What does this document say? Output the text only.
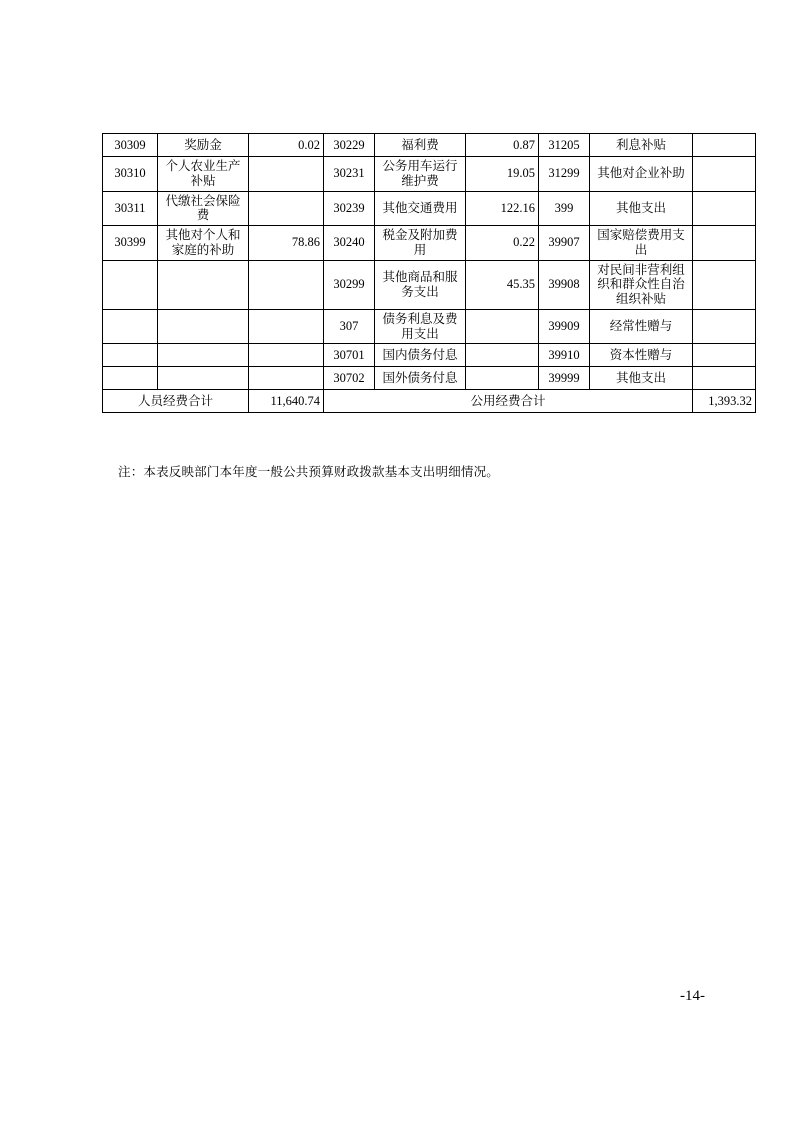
30309	奖励金	0.02	30229	福利费	0.87	31205	利息补贴	
30310	个人农业生产补贴		30231	公务用车运行维护费	19.05	31299	其他对企业补助	
30311	代缴社会保险费		30239	其他交通费用	122.16	399	其他支出	
30399	其他对个人和家庭的补助	78.86	30240	税金及附加费用	0.22	39907	国家赔偿费用支出	
			30299	其他商品和服务支出	45.35	39908	对民间非营利组织和群众性自治组织补贴	
			307	债务利息及费用支出		39909	经常性赠与	
			30701	国内债务付息		39910	资本性赠与	
			30702	国外债务付息		39999	其他支出	
人员经费合计		11,640.74	公用经费合计					1,393.32
注：本表反映部门本年度一般公共预算财政拨款基本支出明细情况。
-14-
